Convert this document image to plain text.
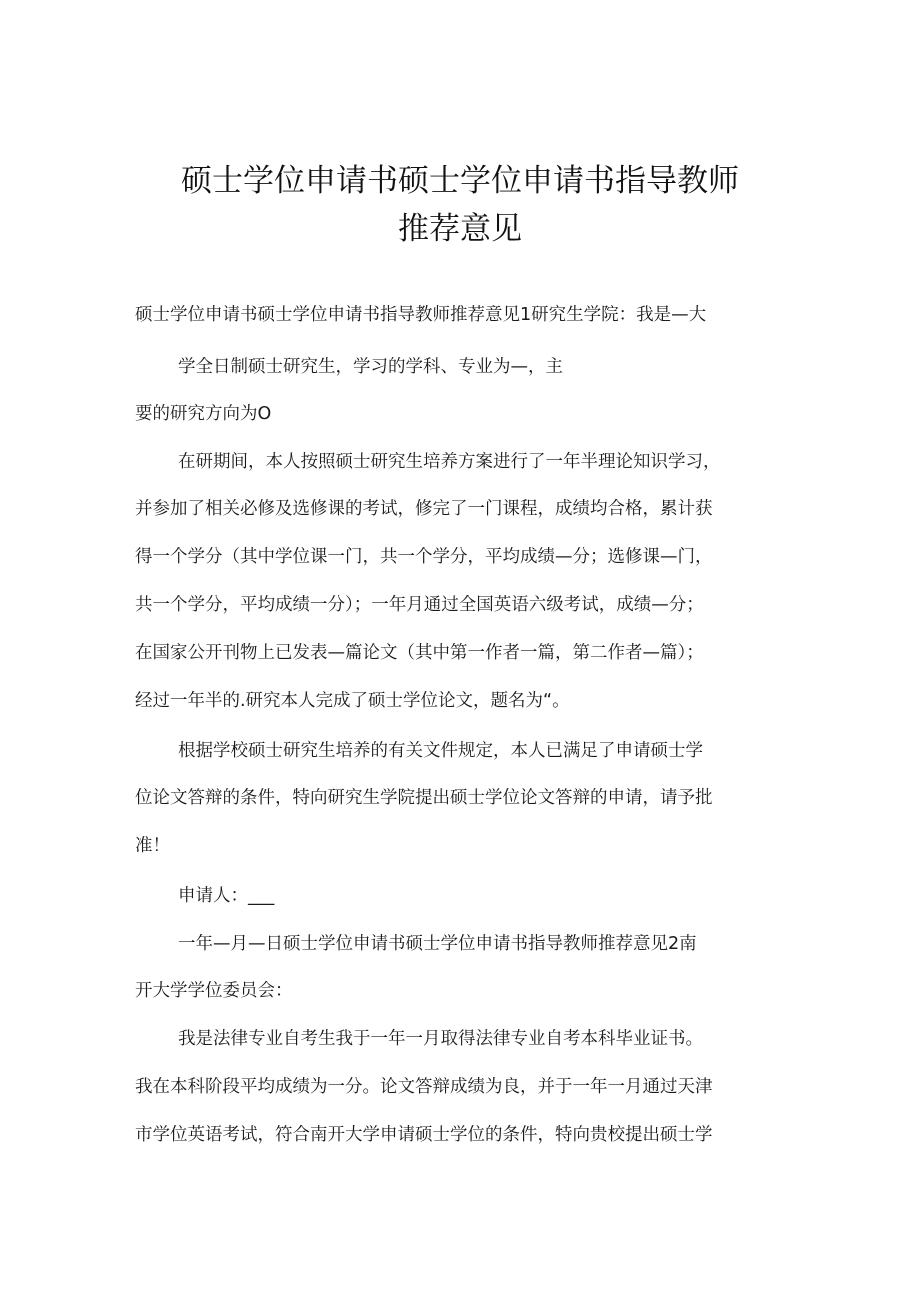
硕士学位申请书硕士学位申请书指导教师
推荐意见
硕士学位申请书硕士学位申请书指导教师推荐意见1研究生学院：我是—大
学全日制硕士研究生，学习的学科、专业为—，主
要的研究方向为O
在研期间，本人按照硕士研究生培养方案进行了一年半理论知识学习，
并参加了相关必修及选修课的考试，修完了一门课程，成绩均合格，累计获
得一个学分（其中学位课一门，共一个学分，平均成绩—分；选修课—门，
共一个学分，平均成绩一分）；一年月通过全国英语六级考试，成绩—分；
在国家公开刊物上已发表—篇论文（其中第一作者一篇，第二作者—篇）；
经过一年半的.研究本人完成了硕士学位论文，题名为“。
根据学校硕士研究生培养的有关文件规定，本人已满足了申请硕士学
位论文答辩的条件，特向研究生学院提出硕士学位论文答辩的申请，请予批
准！
申请人：___
一年—月—日硕士学位申请书硕士学位申请书指导教师推荐意见2南
开大学学位委员会：
我是法律专业自考生我于一年一月取得法律专业自考本科毕业证书。
我在本科阶段平均成绩为一分。论文答辩成绩为良，并于一年一月通过天津
市学位英语考试，符合南开大学申请硕士学位的条件，特向贵校提出硕士学
